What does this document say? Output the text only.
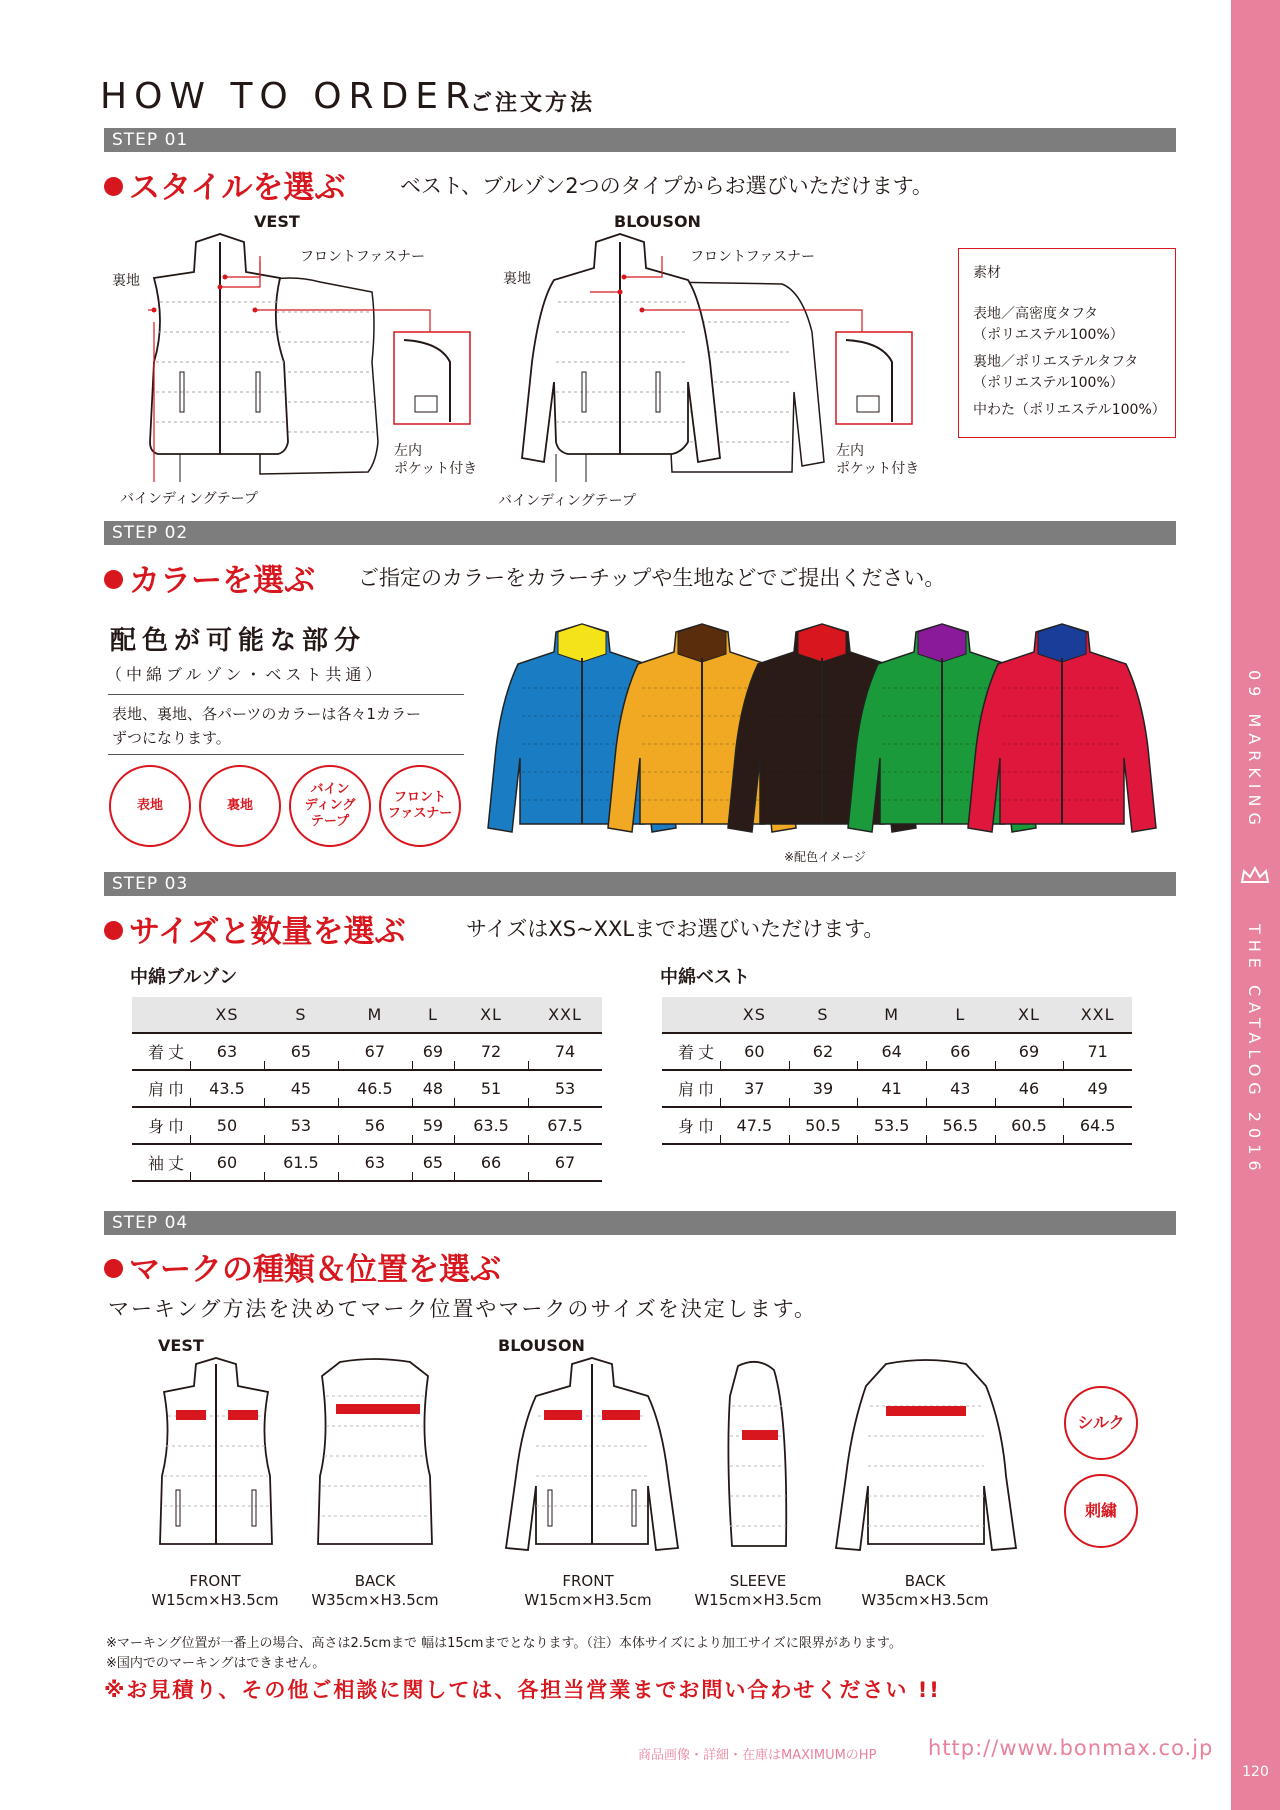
09 MARKING
THE CATALOG 2016
120
HOW TO ORDER
ご注文方法
STEP 01
スタイルを選ぶ	ベスト、ブルゾン2つのタイプからお選びいただけます。
VEST	BLOUSON
フロントファスナー
裏地
左内
ポケット付き
バインディングテープ
フロントファスナー
裏地
左内
ポケット付き
バインディングテープ

素材

表地／高密度タフタ

（ポリエステル100%）

裏地／ポリエステルタフタ

（ポリエステル100%）

中わた（ポリエステル100%）

STEP 02
カラーを選ぶ ご指定のカラーをカラーチップや生地などでご提出ください。
配色が可能な部分
（中綿ブルゾン・ベスト共通）
表地、裏地、各パーツのカラーは各々1カラー
ずつになります。
表地	裏地
バイン
ディング
テープ
フロント
ファスナー
※配色イメージ
STEP 03
サイズと数量を選ぶ	サイズはXS~XXLまでお選びいただけます。
中綿ブルゾン
	XS	S	M	L	XL	XXL
着丈	63	65	67	69	72	74
肩巾	43.5	45	46.5	48	51	53
身巾	50	53	56	59	63.5	67.5
袖丈	60	61.5	63	65	66	67
中綿ベスト
	XS	S	M	L	XL	XXL
着丈	60	62	64	66	69	71
肩巾	37	39	41	43	46	49
身巾	47.5	50.5	53.5	56.5	60.5	64.5
STEP 04
マークの種類＆位置を選ぶ
マーキング方法を決めてマーク位置やマークのサイズを決定します。
VEST	BLOUSON
FRONT
W15cm×H3.5cm
BACK
W35cm×H3.5cm
FRONT
W15cm×H3.5cm
SLEEVE
W15cm×H3.5cm
BACK
W35cm×H3.5cm
シルク
刺繍
※マーキング位置が一番上の場合、高さは2.5cmまで 幅は15cmまでとなります。（注）本体サイズにより加工サイズに限界があります。
※国内でのマーキングはできません。
※お見積り、その他ご相談に関しては、各担当営業までお問い合わせください !!
商品画像・詳細・在庫はMAXIMUMのHP http://www.bonmax.co.jp
